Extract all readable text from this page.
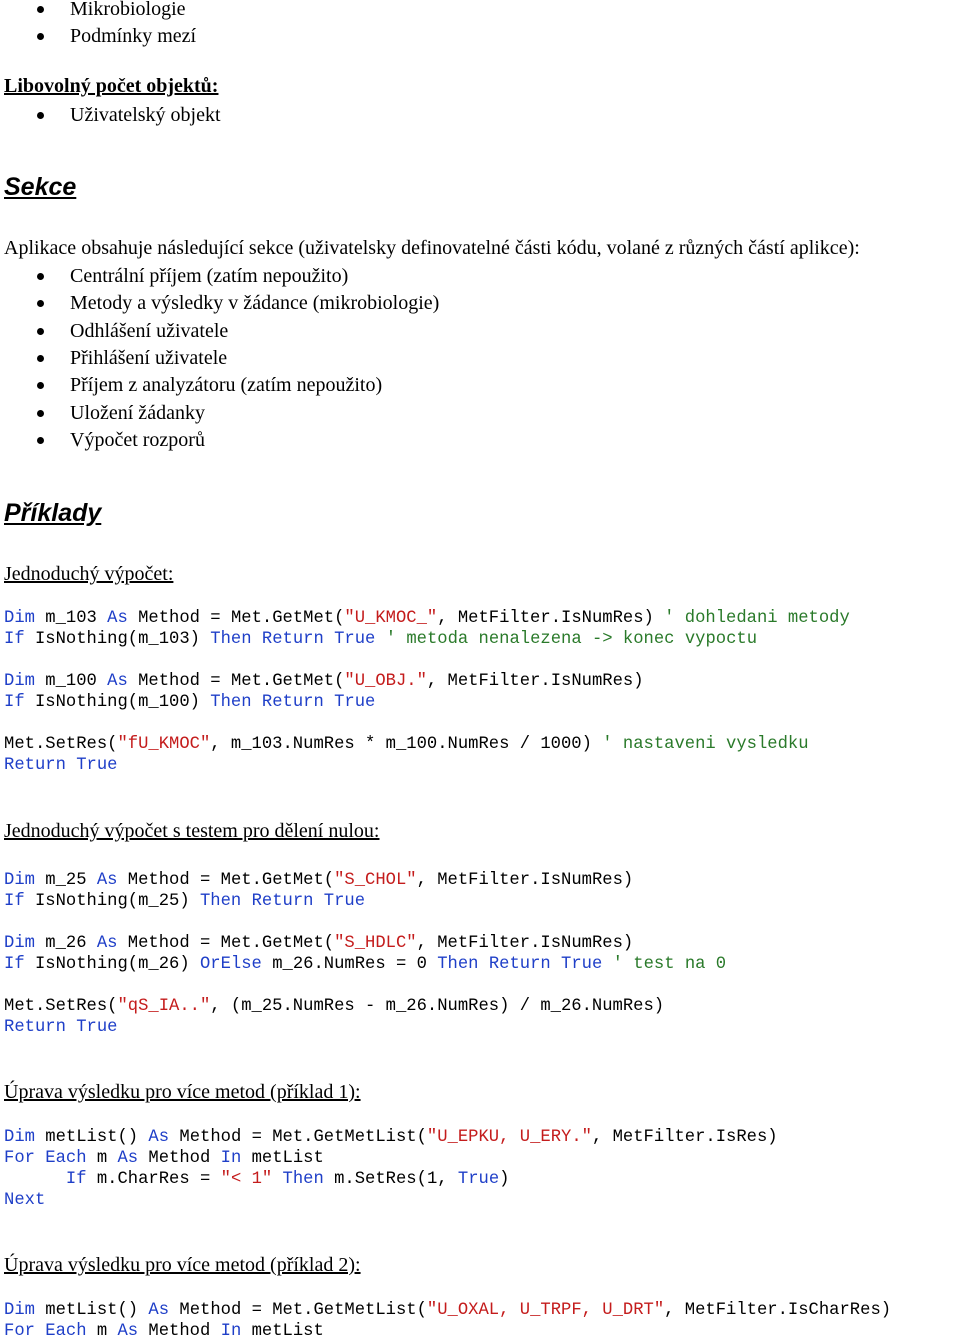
Mikrobiologie
Podmínky mezí
Libovolný počet objektů:
Uživatelský objekt
Sekce
Aplikace obsahuje následující sekce (uživatelsky definovatelné části kódu, volané z různých částí aplikce):
Centrální příjem (zatím nepoužito)
Metody a výsledky v žádance (mikrobiologie)
Odhlášení uživatele
Přihlášení uživatele
Příjem z analyzátoru (zatím nepoužito)
Uložení žádanky
Výpočet rozporů
Příklady
Jednoduchý výpočet:
Dim m_103 As Method = Met.GetMet("U_KMOC_", MetFilter.IsNumRes) ' dohledani metody
If IsNothing(m_103) Then Return True ' metoda nenalezena -> konec vypoctu
Dim m_100 As Method = Met.GetMet("U_OBJ.", MetFilter.IsNumRes)
If IsNothing(m_100) Then Return True
Met.SetRes("fU_KMOC", m_103.NumRes * m_100.NumRes / 1000) ' nastaveni vysledku
Return True
Jednoduchý výpočet s testem pro dělení nulou:
Dim m_25 As Method = Met.GetMet("S_CHOL", MetFilter.IsNumRes)
If IsNothing(m_25) Then Return True
Dim m_26 As Method = Met.GetMet("S_HDLC", MetFilter.IsNumRes)
If IsNothing(m_26) OrElse m_26.NumRes = 0 Then Return True ' test na 0
Met.SetRes("qS_IA..", (m_25.NumRes - m_26.NumRes) / m_26.NumRes)
Return True
Úprava výsledku pro více metod (příklad 1):
Dim metList() As Method = Met.GetMetList("U_EPKU, U_ERY.", MetFilter.IsRes)
For Each m As Method In metList
If m.CharRes = "< 1" Then m.SetRes(1, True)
Next
Úprava výsledku pro více metod (příklad 2):
Dim metList() As Method = Met.GetMetList("U_OXAL, U_TRPF, U_DRT", MetFilter.IsCharRes)
For Each m As Method In metList
